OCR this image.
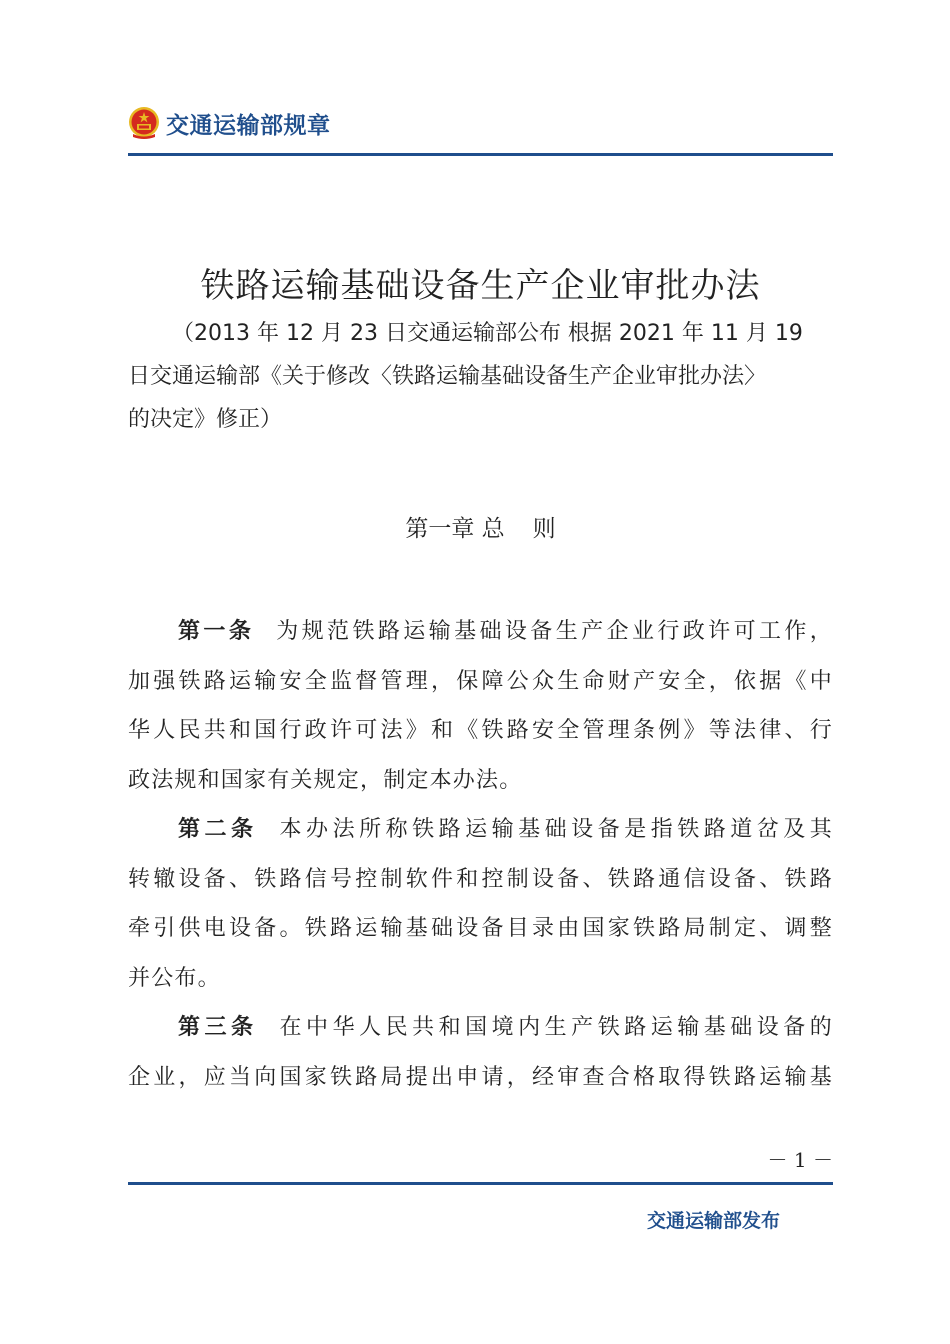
交通运输部规章
铁路运输基础设备生产企业审批办法

（2013 年 12 月 23 日交通运输部公布 根据 2021 年 11 月 19

日交通运输部《关于修改〈铁路运输基础设备生产企业审批办法〉

的决定》修正）

第一章 总 则

第一条 为规范铁路运输基础设备生产企业行政许可工作，

加强铁路运输安全监督管理，保障公众生命财产安全，依据《中

华人民共和国行政许可法》和《铁路安全管理条例》等法律、行

政法规和国家有关规定，制定本办法。

第二条 本办法所称铁路运输基础设备是指铁路道岔及其

转辙设备、铁路信号控制软件和控制设备、铁路通信设备、铁路

牵引供电设备。铁路运输基础设备目录由国家铁路局制定、调整

并公布。

第三条 在中华人民共和国境内生产铁路运输基础设备的

企业，应当向国家铁路局提出申请，经审查合格取得铁路运输基

－ 1 －
交通运输部发布
